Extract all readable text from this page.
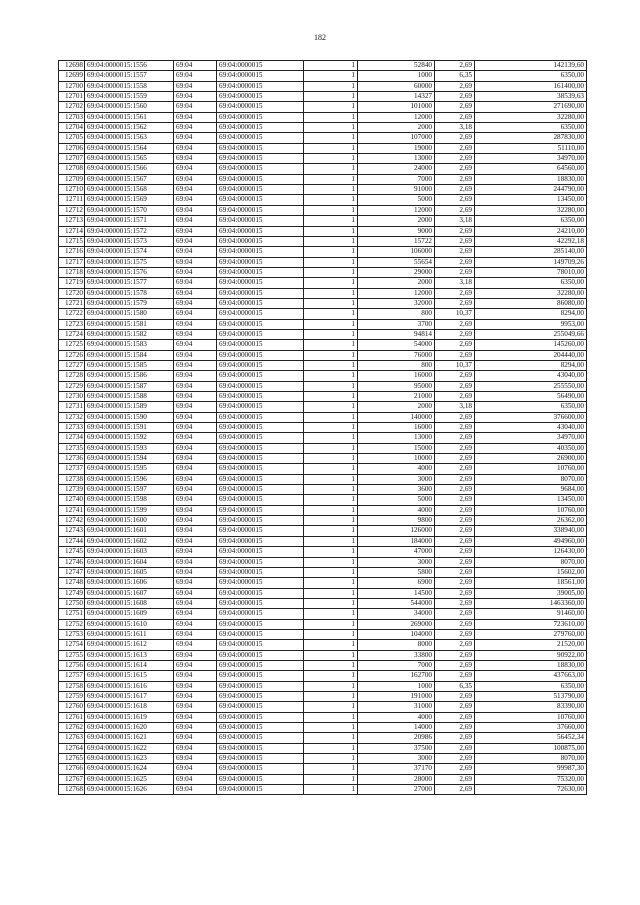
182
12698	69:04:0000015:1556	69:04	69:04:0000015	1	52840	2,69	142139,60
12699	69:04:0000015:1557	69:04	69:04:0000015	1	1000	6,35	6350,00
12700	69:04:0000015:1558	69:04	69:04:0000015	1	60000	2,69	161400,00
12701	69:04:0000015:1559	69:04	69:04:0000015	1	14327	2,69	38539,63
12702	69:04:0000015:1560	69:04	69:04:0000015	1	101000	2,69	271690,00
12703	69:04:0000015:1561	69:04	69:04:0000015	1	12000	2,69	32280,00
12704	69:04:0000015:1562	69:04	69:04:0000015	1	2000	3,18	6350,00
12705	69:04:0000015:1563	69:04	69:04:0000015	1	107000	2,69	287830,00
12706	69:04:0000015:1564	69:04	69:04:0000015	1	19000	2,69	51110,00
12707	69:04:0000015:1565	69:04	69:04:0000015	1	13000	2,69	34970,00
12708	69:04:0000015:1566	69:04	69:04:0000015	1	24000	2,69	64560,00
12709	69:04:0000015:1567	69:04	69:04:0000015	1	7000	2,69	18830,00
12710	69:04:0000015:1568	69:04	69:04:0000015	1	91000	2,69	244790,00
12711	69:04:0000015:1569	69:04	69:04:0000015	1	5000	2,69	13450,00
12712	69:04:0000015:1570	69:04	69:04:0000015	1	12000	2,69	32280,00
12713	69:04:0000015:1571	69:04	69:04:0000015	1	2000	3,18	6350,00
12714	69:04:0000015:1572	69:04	69:04:0000015	1	9000	2,69	24210,00
12715	69:04:0000015:1573	69:04	69:04:0000015	1	15722	2,69	42292,18
12716	69:04:0000015:1574	69:04	69:04:0000015	1	106000	2,69	285140,00
12717	69:04:0000015:1575	69:04	69:04:0000015	1	55654	2,69	149709,26
12718	69:04:0000015:1576	69:04	69:04:0000015	1	29000	2,69	78010,00
12719	69:04:0000015:1577	69:04	69:04:0000015	1	2000	3,18	6350,00
12720	69:04:0000015:1578	69:04	69:04:0000015	1	12000	2,69	32280,00
12721	69:04:0000015:1579	69:04	69:04:0000015	1	32000	2,69	86080,00
12722	69:04:0000015:1580	69:04	69:04:0000015	1	800	10,37	8294,00
12723	69:04:0000015:1581	69:04	69:04:0000015	1	3700	2,69	9953,00
12724	69:04:0000015:1582	69:04	69:04:0000015	1	94814	2,69	255049,66
12725	69:04:0000015:1583	69:04	69:04:0000015	1	54000	2,69	145260,00
12726	69:04:0000015:1584	69:04	69:04:0000015	1	76000	2,69	204440,00
12727	69:04:0000015:1585	69:04	69:04:0000015	1	800	10,37	8294,00
12728	69:04:0000015:1586	69:04	69:04:0000015	1	16000	2,69	43040,00
12729	69:04:0000015:1587	69:04	69:04:0000015	1	95000	2,69	255550,00
12730	69:04:0000015:1588	69:04	69:04:0000015	1	21000	2,69	56490,00
12731	69:04:0000015:1589	69:04	69:04:0000015	1	2000	3,18	6350,00
12732	69:04:0000015:1590	69:04	69:04:0000015	1	140000	2,69	376600,00
12733	69:04:0000015:1591	69:04	69:04:0000015	1	16000	2,69	43040,00
12734	69:04:0000015:1592	69:04	69:04:0000015	1	13000	2,69	34970,00
12735	69:04:0000015:1593	69:04	69:04:0000015	1	15000	2,69	40350,00
12736	69:04:0000015:1594	69:04	69:04:0000015	1	10000	2,69	26900,00
12737	69:04:0000015:1595	69:04	69:04:0000015	1	4000	2,69	10760,00
12738	69:04:0000015:1596	69:04	69:04:0000015	1	3000	2,69	8070,00
12739	69:04:0000015:1597	69:04	69:04:0000015	1	3600	2,69	9684,00
12740	69:04:0000015:1598	69:04	69:04:0000015	1	5000	2,69	13450,00
12741	69:04:0000015:1599	69:04	69:04:0000015	1	4000	2,69	10760,00
12742	69:04:0000015:1600	69:04	69:04:0000015	1	9800	2,69	26362,00
12743	69:04:0000015:1601	69:04	69:04:0000015	1	126000	2,69	338940,00
12744	69:04:0000015:1602	69:04	69:04:0000015	1	184000	2,69	494960,00
12745	69:04:0000015:1603	69:04	69:04:0000015	1	47000	2,69	126430,00
12746	69:04:0000015:1604	69:04	69:04:0000015	1	3000	2,69	8070,00
12747	69:04:0000015:1605	69:04	69:04:0000015	1	5800	2,69	15602,00
12748	69:04:0000015:1606	69:04	69:04:0000015	1	6900	2,69	18561,00
12749	69:04:0000015:1607	69:04	69:04:0000015	1	14500	2,69	39005,00
12750	69:04:0000015:1608	69:04	69:04:0000015	1	544000	2,69	1463360,00
12751	69:04:0000015:1609	69:04	69:04:0000015	1	34000	2,69	91460,00
12752	69:04:0000015:1610	69:04	69:04:0000015	1	269000	2,69	723610,00
12753	69:04:0000015:1611	69:04	69:04:0000015	1	104000	2,69	279760,00
12754	69:04:0000015:1612	69:04	69:04:0000015	1	8000	2,69	21520,00
12755	69:04:0000015:1613	69:04	69:04:0000015	1	33800	2,69	90922,00
12756	69:04:0000015:1614	69:04	69:04:0000015	1	7000	2,69	18830,00
12757	69:04:0000015:1615	69:04	69:04:0000015	1	162700	2,69	437663,00
12758	69:04:0000015:1616	69:04	69:04:0000015	1	1000	6,35	6350,00
12759	69:04:0000015:1617	69:04	69:04:0000015	1	191000	2,69	513790,00
12760	69:04:0000015:1618	69:04	69:04:0000015	1	31000	2,69	83390,00
12761	69:04:0000015:1619	69:04	69:04:0000015	1	4000	2,69	10760,00
12762	69:04:0000015:1620	69:04	69:04:0000015	1	14000	2,69	37660,00
12763	69:04:0000015:1621	69:04	69:04:0000015	1	20986	2,69	56452,34
12764	69:04:0000015:1622	69:04	69:04:0000015	1	37500	2,69	100875,00
12765	69:04:0000015:1623	69:04	69:04:0000015	1	3000	2,69	8070,00
12766	69:04:0000015:1624	69:04	69:04:0000015	1	37170	2,69	99987,30
12767	69:04:0000015:1625	69:04	69:04:0000015	1	28000	2,69	75320,00
12768	69:04:0000015:1626	69:04	69:04:0000015	1	27000	2,69	72630,00
